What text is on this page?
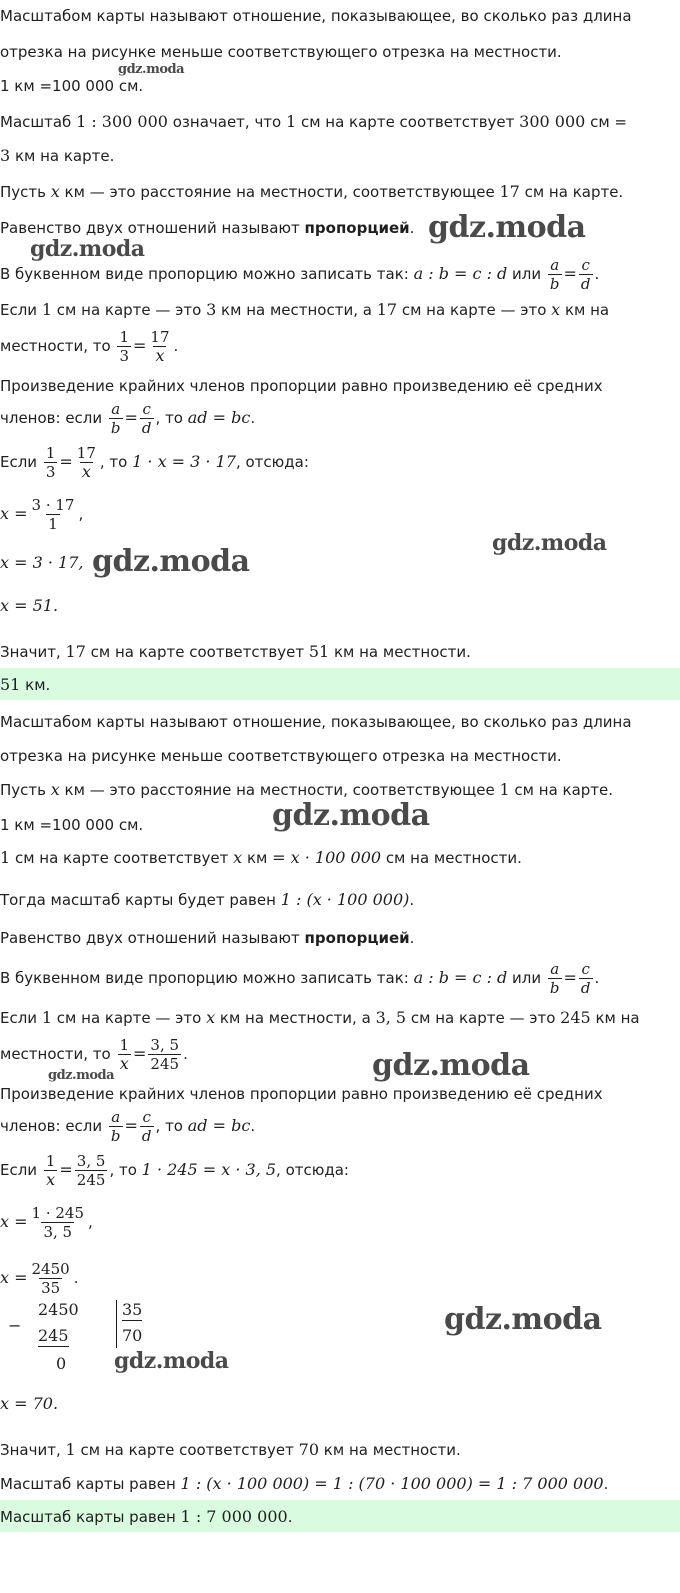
Масштабом карты называют отношение, показывающее, во сколько раз длина
отрезка на рисунке меньше соответствующего отрезка на местности.
1 км =100 000 см.
Масштаб 1 : 300 000 означает, что 1 см на карте соответствует 300 000 см =
3 км на карте.
Пусть x км — это расстояние на местности, соответствующее 17 см на карте.
Равенство двух отношений называют пропорцией.
В буквенном виде пропорцию можно записать так: a : b = c : d или $\frac{a}{b} = \frac{c}{d}$ .
Если 1 см на карте — это 3 км на местности, а 17 см на карте — это x км на
местности, то $\frac{1}{3} = \frac{17}{x}$ .
Произведение крайних членов пропорции равно произведению её средних
членов: если $\frac{a}{b} = \frac{c}{d}$ , то ad = bc.
Если $\frac{1}{3} = \frac{17}{x}$ , то 1 · x = 3 · 17, отсюда:
$x = \frac{3 \cdot 17}{1}$ ,
x = 3 · 17,
x = 51.
Значит, 17 см на карте соответствует 51 км на местности.
51 км.
Масштабом карты называют отношение, показывающее, во сколько раз длина
отрезка на рисунке меньше соответствующего отрезка на местности.
Пусть x км — это расстояние на местности, соответствующее 1 см на карте.
1 км =100 000 см.
1 см на карте соответствует x км = x · 100 000 см на местности.
Тогда масштаб карты будет равен 1 : (x · 100 000).
Равенство двух отношений называют пропорцией.
В буквенном виде пропорцию можно записать так: a : b = c : d или $\frac{a}{b} = \frac{c}{d}$ .
Если 1 см на карте — это x км на местности, а 3, 5 см на карте — это 245 км на
местности, то $\frac{1}{x} = \frac{3, 5}{245}$ .
Произведение крайних членов пропорции равно произведению её средних
членов: если $\frac{a}{b} = \frac{c}{d}$ , то ad = bc.
Если $\frac{1}{x} = \frac{3, 5}{245}$ , то 1 · 245 = x · 3, 5, отсюда:
$x = \frac{1 \cdot 245}{3, 5}$ ,
$x = \frac{2450}{35}$ .
−
2450
245
0
35
70
x = 70.
Значит, 1 см на карте соответствует 70 км на местности.
Масштаб карты равен 1 : (x · 100 000) = 1 : (70 · 100 000) = 1 : 7 000 000.
Масштаб карты равен 1 : 7 000 000.
gdz.moda
gdz.moda
gdz.moda
gdz.moda
gdz.moda
gdz.moda
gdz.moda
gdz.moda
gdz.moda
gdz.moda
